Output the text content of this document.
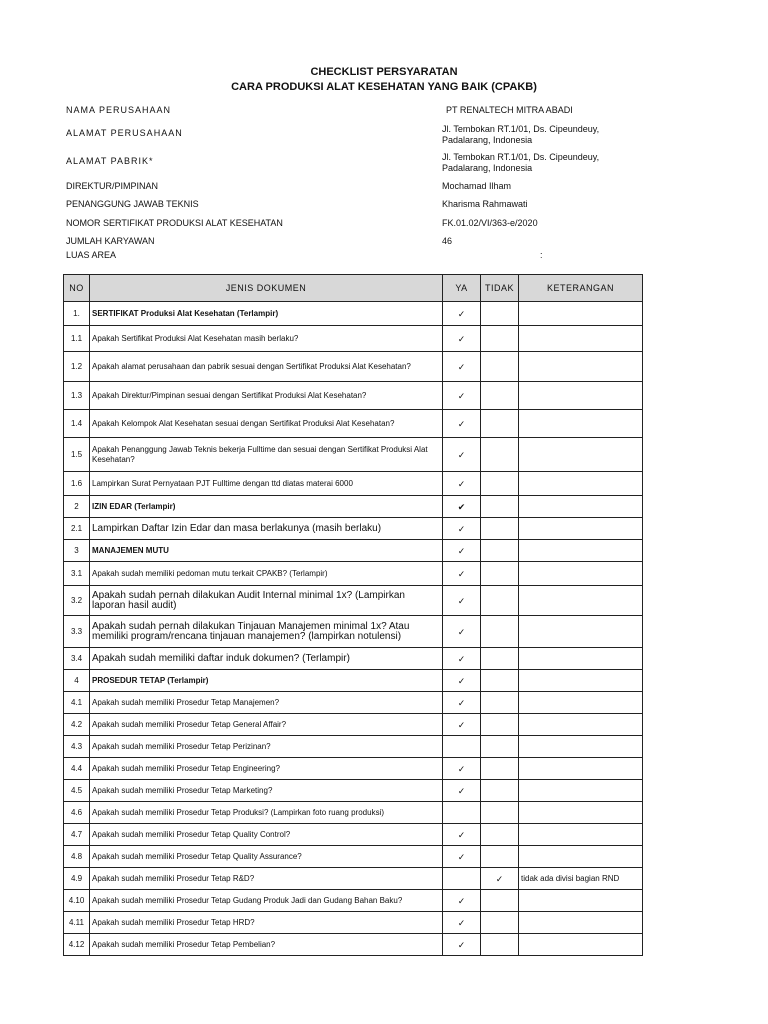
CHECKLIST PERSYARATAN
CARA PRODUKSI ALAT KESEHATAN YANG BAIK (CPAKB)
NAMA PERUSAHAAN	PT RENALTECH MITRA ABADI
ALAMAT PERUSAHAAN	Jl. Tembokan RT.1/01, Ds. Cipeundeuy, Padalarang, Indonesia
ALAMAT PABRIK*	Jl. Tembokan RT.1/01, Ds. Cipeundeuy, Padalarang, Indonesia
DIREKTUR/PIMPINAN	Mochamad Ilham
PENANGGUNG JAWAB TEKNIS	Kharisma Rahmawati
NOMOR SERTIFIKAT PRODUKSI ALAT KESEHATAN	FK.01.02/VI/363-e/2020
JUMLAH KARYAWAN	46
LUAS AREA	:
NO	JENIS DOKUMEN	YA	TIDAK	KETERANGAN
1.	SERTIFIKAT Produksi Alat Kesehatan (Terlampir)	✓		
1.1	Apakah Sertifikat Produksi Alat Kesehatan masih berlaku?	✓		
1.2	Apakah alamat perusahaan dan pabrik sesuai dengan Sertifikat Produksi Alat Kesehatan?	✓		
1.3	Apakah Direktur/Pimpinan sesuai dengan Sertifikat Produksi Alat Kesehatan?	✓		
1.4	Apakah Kelompok Alat Kesehatan sesuai dengan Sertifikat Produksi Alat Kesehatan?	✓		
1.5	Apakah Penanggung Jawab Teknis bekerja Fulltime dan sesuai dengan Sertifikat Produksi Alat Kesehatan?	✓		
1.6	Lampirkan Surat Pernyataan PJT Fulltime dengan ttd diatas materai 6000	✓		
2	IZIN EDAR (Terlampir)	✔		
2.1	Lampirkan Daftar Izin Edar dan masa berlakunya (masih berlaku)	✓		
3	MANAJEMEN MUTU	✓		
3.1	Apakah sudah memiliki pedoman mutu terkait CPAKB? (Terlampir)	✓		
3.2	Apakah sudah pernah dilakukan Audit Internal minimal 1x? (Lampirkan laporan hasil audit)	✓		
3.3	Apakah sudah pernah dilakukan Tinjauan Manajemen minimal 1x? Atau memiliki program/rencana tinjauan manajemen? (lampirkan notulensi)	✓		
3.4	Apakah sudah memiliki daftar induk dokumen? (Terlampir)	✓		
4	PROSEDUR TETAP (Terlampir)	✓		
4.1	Apakah sudah memiliki Prosedur Tetap Manajemen?	✓		
4.2	Apakah sudah memiliki Prosedur Tetap General Affair?	✓		
4.3	Apakah sudah memiliki Prosedur Tetap Perizinan?			
4.4	Apakah sudah memiliki Prosedur Tetap Engineering?	✓		
4.5	Apakah sudah memiliki Prosedur Tetap Marketing?	✓		
4.6	Apakah sudah memiliki Prosedur Tetap Produksi? (Lampirkan foto ruang produksi)			
4.7	Apakah sudah memiliki Prosedur Tetap Quality Control?	✓		
4.8	Apakah sudah memiliki Prosedur Tetap Quality Assurance?	✓		
4.9	Apakah sudah memiliki Prosedur Tetap R&D?		✓	tidak ada divisi bagian RND
4.10	Apakah sudah memiliki Prosedur Tetap Gudang Produk Jadi dan Gudang Bahan Baku?	✓		
4.11	Apakah sudah memiliki Prosedur Tetap HRD?	✓		
4.12	Apakah sudah memiliki Prosedur Tetap Pembelian?	✓		
